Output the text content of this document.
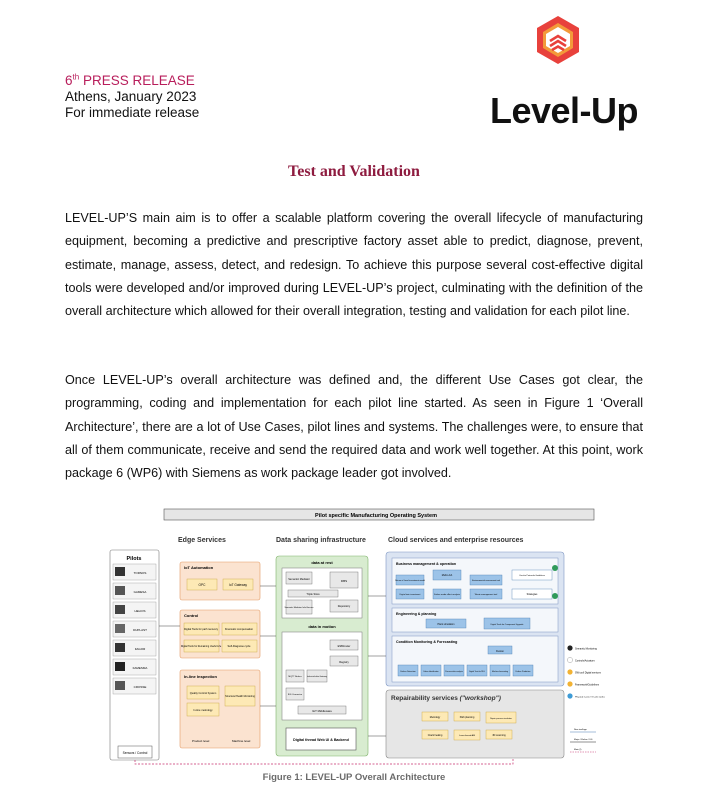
6th PRESS RELEASE
Athens, January 2023
For immediate release	Level-Up
Test and Validation
LEVEL-UP’S main aim is to offer a scalable platform covering the overall lifecycle of manufacturing equipment, becoming a predictive and prescriptive factory asset able to predict, diagnose, prevent, estimate, manage, assess, detect, and redesign. To achieve this purpose several cost-effective digital tools were developed and/or improved during LEVEL-UP’s project, culminating with the definition of the overall architecture which allowed for their overall integration, testing and validation for each pilot line.
Once LEVEL-UP’s overall architecture was defined and, the different Use Cases got clear, the programming, coding and implementation for each pilot line started. As seen in Figure 1 ‘Overall Architecture’, there are a lot of Use Cases, pilot lines and systems. The challenges were, to ensure that all of them communicate, receive and send the required data and work well together. At this point, work package 6 (WP6) with Siemens as work package leader got involved.
Pilot specific Manufacturing Operating System
Pilots
TORNOS
GAMESA
HELIOS
DUPLAST
FAGOR
FAMESMA
CROSSE
Sensors / Control
Edge Services
IoT Automation
OPC	IoT Gateway
Control
Digital Tools for path recovery	Kinematic compensation
Digital Tools for Remaining Useful Life Self-Diagnose cycle
In-line Inspection
Quality Control System
Structural Health Monitoring
In-line metrology
Product level	Machine level
Data sharing infrastructure
data at rest
Semantic Mediator	DBS
Triple Store
Semantic Mediator Info-Service	Repository
data in motion
ESB/router
Registry
MQTT Broker	Industrial data Gateway
IDS Connector
IIoT Middleware
Digital thread Web UI & Backend
Cloud services and enterprise resources
Business management & operation
Return of Level investment model
Multi-LCA
Environmental assessment tool
Circular Protocols Guidelines
Digital twin investment	Failure mode effect analysis	Waste management tool	Strategies
Engineering & planning
Plant simulation	Digital Tools for Component Upgrade
Condition Monitoring & Forecasting
Fusion
Failure Detection	Failure Identification	Process data analysis	Digital Twin for RUL	Machine forecasting	Failure Prediction
Repairability services ("workshop")
Metrology	Path planning	Repair process simulation
Crack healing	Laser-based AM	3D scanning
Semantic Monitoring
Controls/Actuators
SW tool/ Digital services
Framework/Guidelines
Physical in-situ / On-site works
New tool/app
Major / Refine / DS
Main (I)
Figure 1: LEVEL-UP Overall Architecture
